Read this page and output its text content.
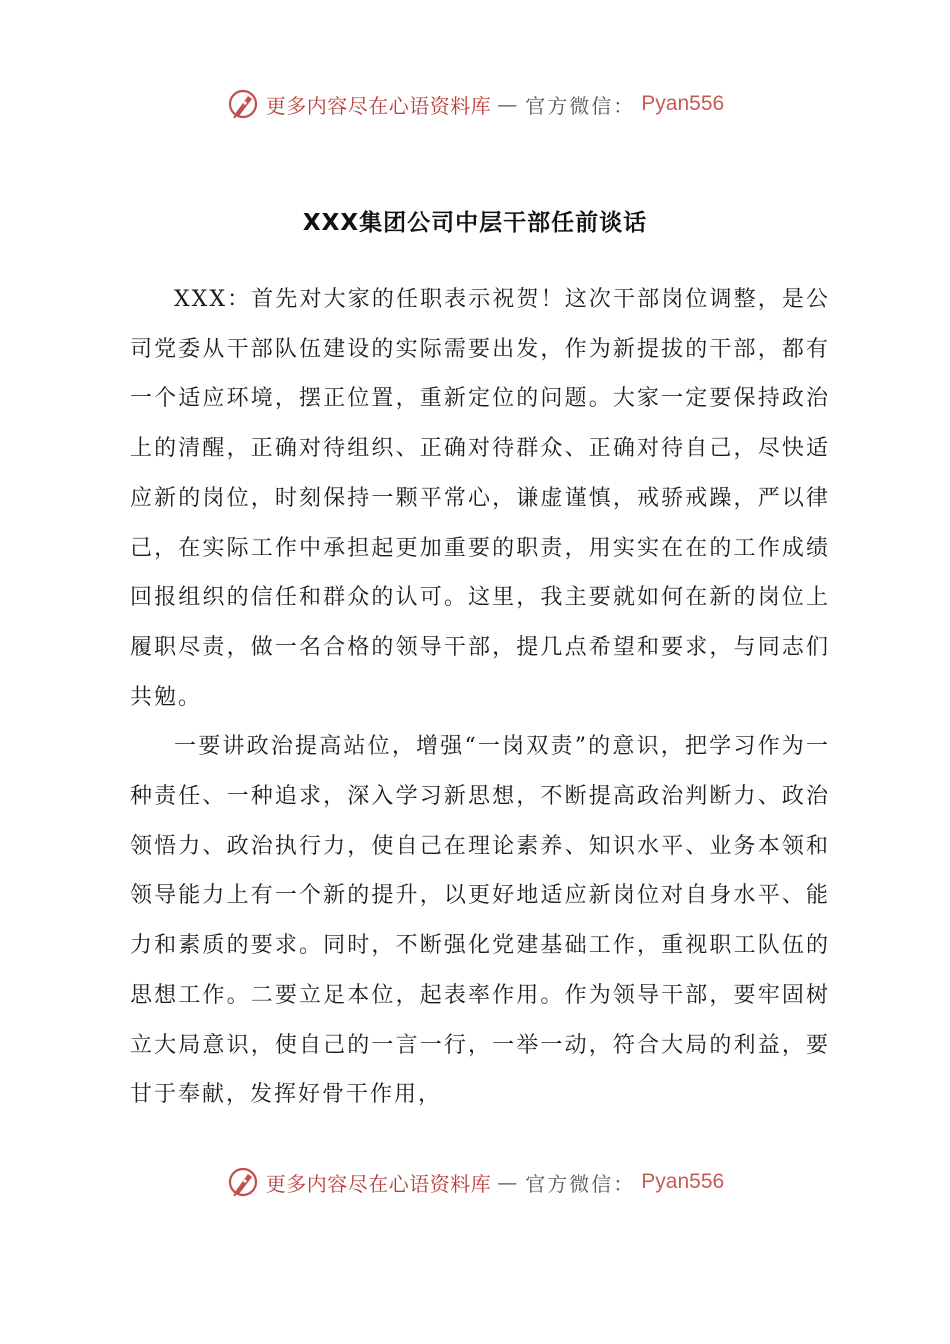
更多内容尽在心语资料库 — 官方微信： Pyan556
XXX集团公司中层干部任前谈话

XXX：首先对大家的任职表示祝贺！这次干部岗位调整，是公司党委从干部队伍建设的实际需要出发，作为新提拔的干部，都有一个适应环境，摆正位置，重新定位的问题。大家一定要保持政治上的清醒，正确对待组织、正确对待群众、正确对待自己，尽快适应新的岗位，时刻保持一颗平常心，谦虚谨慎，戒骄戒躁，严以律己，在实际工作中承担起更加重要的职责，用实实在在的工作成绩回报组织的信任和群众的认可。这里，我主要就如何在新的岗位上履职尽责，做一名合格的领导干部，提几点希望和要求，与同志们共勉。

一要讲政治提高站位，增强“一岗双责”的意识，把学习作为一种责任、一种追求，深入学习新思想，不断提高政治判断力、政治领悟力、政治执行力，使自己在理论素养、知识水平、业务本领和领导能力上有一个新的提升，以更好地适应新岗位对自身水平、能力和素质的要求。同时，不断强化党建基础工作，重视职工队伍的思想工作。二要立足本位，起表率作用。作为领导干部，要牢固树立大局意识，使自己的一言一行，一举一动，符合大局的利益，要甘于奉献，发挥好骨干作用，

更多内容尽在心语资料库 — 官方微信： Pyan556
